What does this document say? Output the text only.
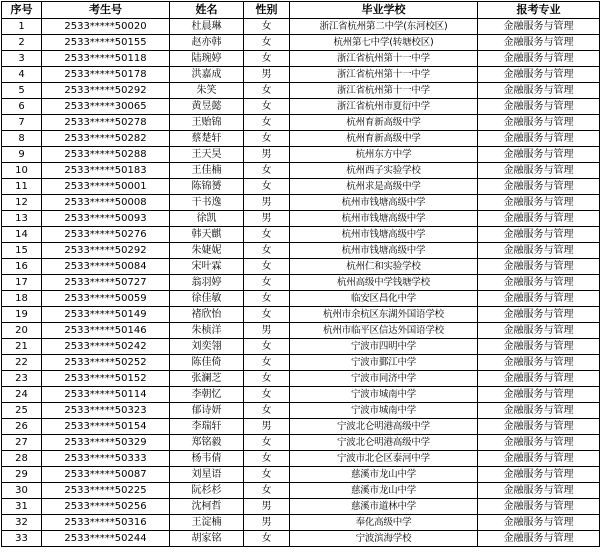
序号	考生号	姓名	性别	毕业学校	报考专业
1	2533*****50020	杜晨琳	女	浙江省杭州第二中学(东河校区)	金融服务与管理
2	2533*****50155	赵亦韩	女	杭州第七中学(转塘校区)	金融服务与管理
3	2533*****50118	陆琬婷	女	浙江省杭州第十一中学	金融服务与管理
4	2533*****50178	洪嘉成	男	浙江省杭州第十一中学	金融服务与管理
5	2533*****50292	朱笑	女	浙江省杭州第十一中学	金融服务与管理
6	2533*****30065	黄昱懿	女	浙江省杭州市夏衍中学	金融服务与管理
7	2533*****50278	王贻锦	女	杭州育新高级中学	金融服务与管理
8	2533*****50282	蔡楚轩	女	杭州育新高级中学	金融服务与管理
9	2533*****50288	王天昊	男	杭州东方中学	金融服务与管理
10	2533*****50183	王佳楠	女	杭州西子实验学校	金融服务与管理
11	2533*****50001	陈锦赟	女	杭州求是高级中学	金融服务与管理
12	2533*****50008	干书逸	男	杭州市钱塘高级中学	金融服务与管理
13	2533*****50093	徐凯	男	杭州市钱塘高级中学	金融服务与管理
14	2533*****50276	韩天麒	女	杭州市钱塘高级中学	金融服务与管理
15	2533*****50292	朱婕妮	女	杭州市钱塘高级中学	金融服务与管理
16	2533*****50084	宋叶霖	女	杭州仁和实验学校	金融服务与管理
17	2533*****50727	翁羽婷	女	杭州高级中学钱塘学校	金融服务与管理
18	2533*****50059	徐佳敏	女	临安区昌化中学	金融服务与管理
19	2533*****50149	褚欣怡	女	杭州市余杭区东湖外国语学校	金融服务与管理
20	2533*****50146	朱桢洋	男	杭州市临平区信达外国语学校	金融服务与管理
21	2533*****50242	刘奕翎	女	宁波市四明中学	金融服务与管理
22	2533*****50252	陈佳倚	女	宁波市鄞江中学	金融服务与管理
23	2533*****50152	张澜芝	女	宁波市同济中学	金融服务与管理
24	2533*****50114	李朝忆	女	宁波市城南中学	金融服务与管理
25	2533*****50323	郁诗妍	女	宁波市城南中学	金融服务与管理
26	2533*****50154	李瑞轩	男	宁波北仑明港高级中学	金融服务与管理
27	2533*****50329	郑铭毅	女	宁波北仑明港高级中学	金融服务与管理
28	2533*****50333	杨韦倩	女	宁波市北仑区泰河中学	金融服务与管理
29	2533*****50087	刘星语	女	慈溪市龙山中学	金融服务与管理
30	2533*****50225	阮杉杉	女	慈溪市龙山中学	金融服务与管理
31	2533*****50256	沈柯哲	男	慈溪市道林中学	金融服务与管理
32	2533*****50316	王淀楠	男	奉化高级中学	金融服务与管理
33	2533*****50244	胡家铭	女	宁波滨海学校	金融服务与管理
